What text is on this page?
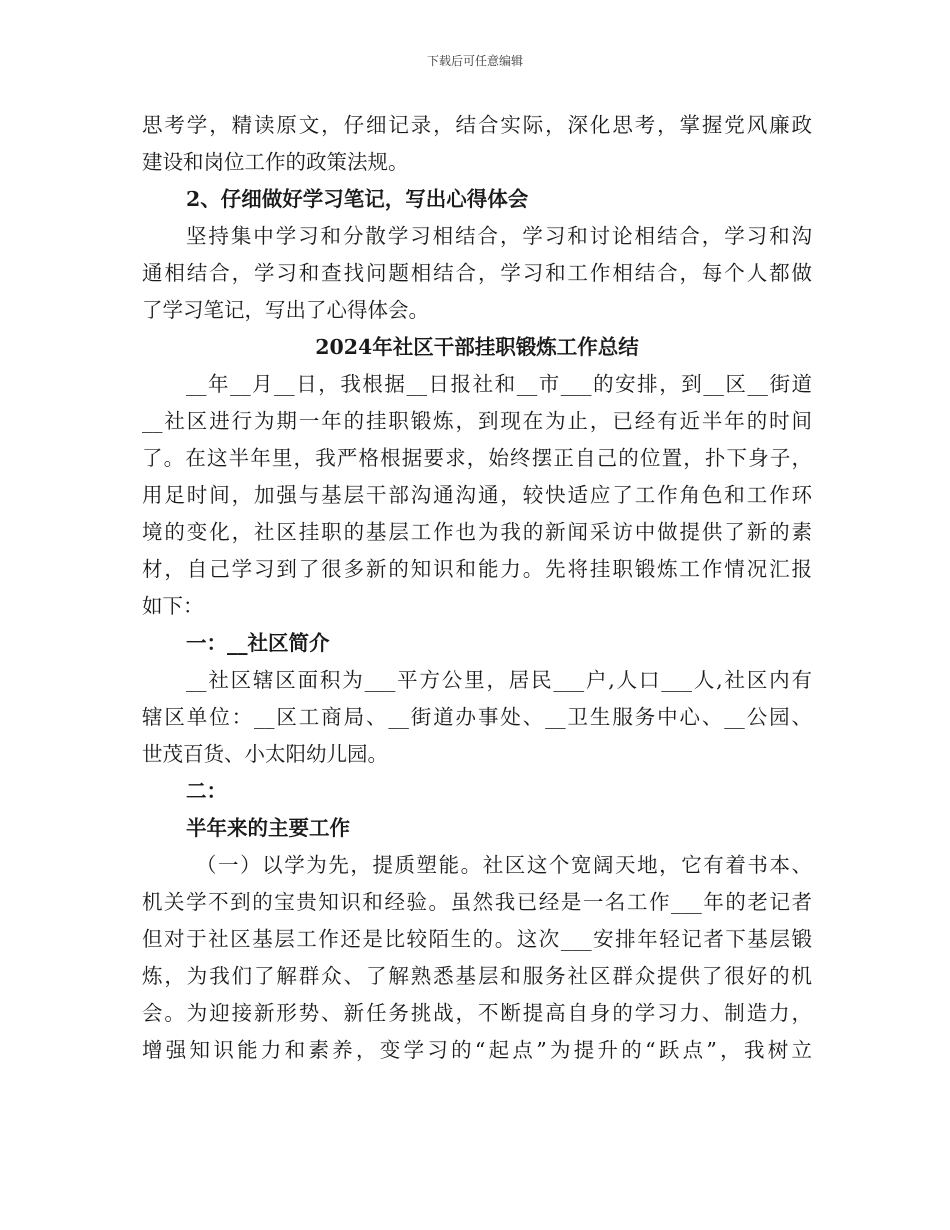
下载后可任意编辑
思考学，精读原文，仔细记录，结合实际，深化思考，掌握党风廉政
建设和岗位工作的政策法规。
2、仔细做好学习笔记，写出心得体会
坚持集中学习和分散学习相结合，学习和讨论相结合，学习和沟
通相结合，学习和查找问题相结合，学习和工作相结合，每个人都做
了学习笔记，写出了心得体会。
2024年社区干部挂职锻炼工作总结
__年__月__日，我根据__日报社和__市___的安排，到__区__街道
__社区进行为期一年的挂职锻炼，到现在为止，已经有近半年的时间
了。在这半年里，我严格根据要求，始终摆正自己的位置，扑下身子，
用足时间，加强与基层干部沟通沟通，较快适应了工作角色和工作环
境的变化，社区挂职的基层工作也为我的新闻采访中做提供了新的素
材，自己学习到了很多新的知识和能力。先将挂职锻炼工作情况汇报
如下：
一：__社区简介
__社区辖区面积为___平方公里，居民___户,人口___人,社区内有
辖区单位：__区工商局、__街道办事处、__卫生服务中心、__公园、
世茂百货、小太阳幼儿园。
二：
半年来的主要工作
（一）以学为先，提质塑能。社区这个宽阔天地，它有着书本、
机关学不到的宝贵知识和经验。虽然我已经是一名工作___年的老记者
但对于社区基层工作还是比较陌生的。这次___安排年轻记者下基层锻
炼，为我们了解群众、了解熟悉基层和服务社区群众提供了很好的机
会。为迎接新形势、新任务挑战，不断提高自身的学习力、制造力，
增强知识能力和素养，变学习的“起点”为提升的“跃点”，我树立
